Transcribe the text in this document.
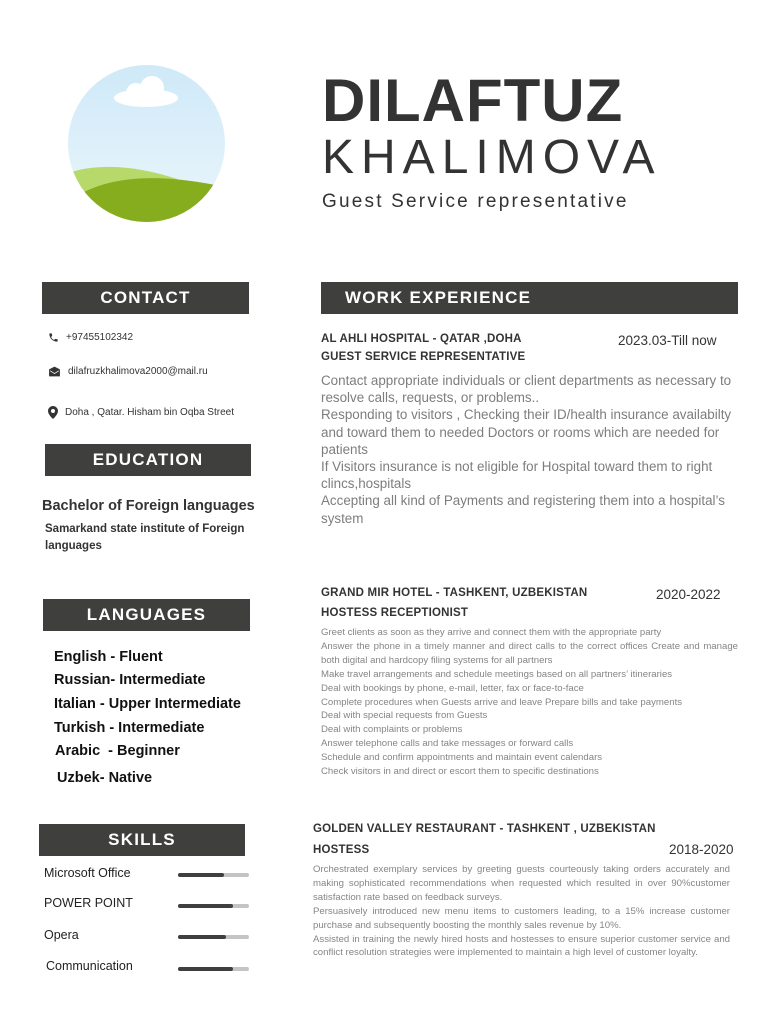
DILAFTUZ
KHALIMOVA
Guest Service representative
CONTACT
+97455102342
dilafruzkhalimova2000@mail.ru
Doha , Qatar. Hisham bin Oqba Street
EDUCATION
Bachelor of Foreign languages
Samarkand state institute of Foreign languages
LANGUAGES
English - Fluent
Russian- Intermediate
Italian - Upper Intermediate
Turkish - Intermediate
Arabic  - Beginner
Uzbek- Native
SKILLS
Microsoft Office
POWER POINT
Opera
Communication
WORK EXPERIENCE
AL AHLI HOSPITAL - QATAR ,DOHA	2023.03-Till now
GUEST SERVICE REPRESENTATIVE
Contact appropriate individuals or client departments as necessary to resolve calls, requests, or problems..
Responding to visitors , Checking their ID/health insurance availabilty and toward them to needed Doctors or rooms which are needed for patients
If Visitors insurance is not eligible for Hospital toward them to right clincs,hospitals
Accepting all kind of Payments and registering them into a hospital’s system
GRAND MIR HOTEL - TASHKENT, UZBEKISTAN	2020-2022
HOSTESS RECEPTIONIST
Greet clients as soon as they arrive and connect them with the appropriate party
Answer the phone in a timely manner and direct calls to the correct offices Create and manage both digital and hardcopy filing systems for all partners
Make travel arrangements and schedule meetings based on all partners’ itineraries
Deal with bookings by phone, e-mail, letter, fax or face-to-face
Complete procedures when Guests arrive and leave Prepare bills and take payments
Deal with special requests from Guests
Deal with complaints or problems
Answer telephone calls and take messages or forward calls
Schedule and confirm appointments and maintain event calendars
Check visitors in and direct or escort them to specific destinations
GOLDEN VALLEY RESTAURANT - TASHKENT , UZBEKISTAN
2018-2020
HOSTESS
Orchestrated exemplary services by greeting guests courteously taking orders accurately and making sophisticated recommendations when requested which resulted in over 90%customer satisfaction rate based on feedback surveys.
Persuasively introduced new menu items to customers leading, to a 15% increase customer purchase and subsequently boosting the monthly sales revenue by 10%.
Assisted in training the newly hired hosts and hostesses to ensure superior customer service and conflict resolution strategies were implemented to maintain a high level of customer loyalty.
